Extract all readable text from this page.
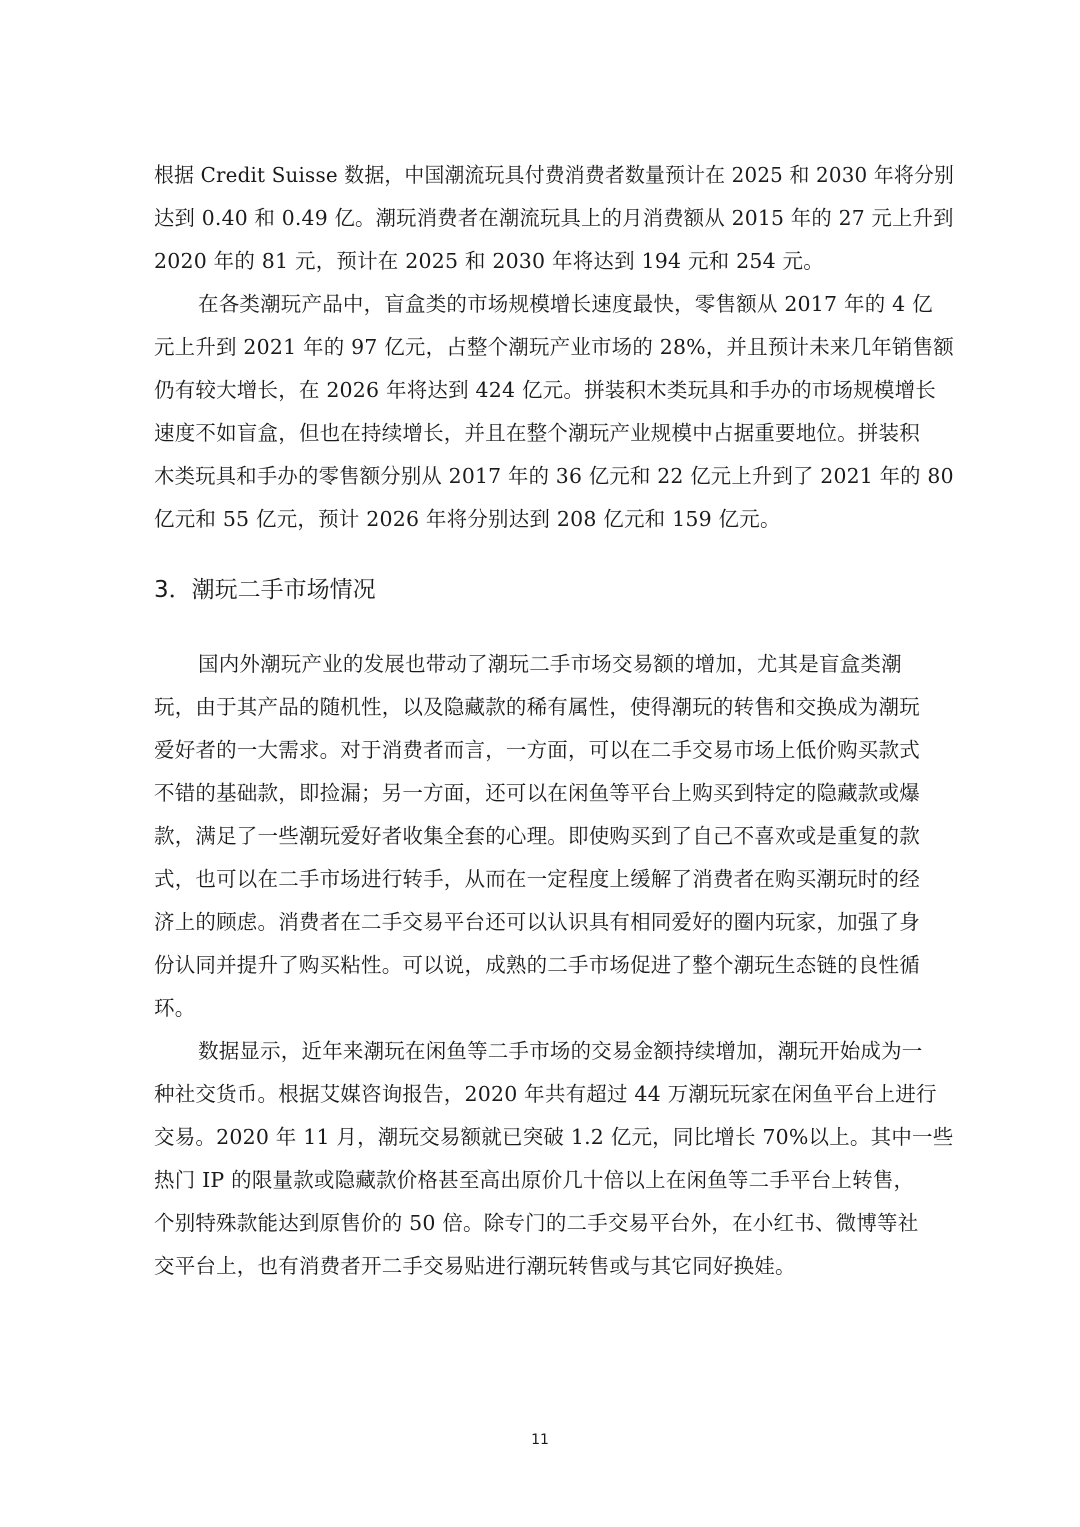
根据 Credit Suisse 数据，中国潮流玩具付费消费者数量预计在 2025 和 2030 年将分别
达到 0.40 和 0.49 亿。潮玩消费者在潮流玩具上的月消费额从 2015 年的 27 元上升到
2020 年的 81 元，预计在 2025 和 2030 年将达到 194 元和 254 元。
在各类潮玩产品中，盲盒类的市场规模增长速度最快，零售额从 2017 年的 4 亿
元上升到 2021 年的 97 亿元，占整个潮玩产业市场的 28%，并且预计未来几年销售额
仍有较大增长，在 2026 年将达到 424 亿元。拼装积木类玩具和手办的市场规模增长
速度不如盲盒，但也在持续增长，并且在整个潮玩产业规模中占据重要地位。拼装积
木类玩具和手办的零售额分别从 2017 年的 36 亿元和 22 亿元上升到了 2021 年的 80
亿元和 55 亿元，预计 2026 年将分别达到 208 亿元和 159 亿元。
3．潮玩二手市场情况
国内外潮玩产业的发展也带动了潮玩二手市场交易额的增加，尤其是盲盒类潮
玩，由于其产品的随机性，以及隐藏款的稀有属性，使得潮玩的转售和交换成为潮玩
爱好者的一大需求。对于消费者而言，一方面，可以在二手交易市场上低价购买款式
不错的基础款，即捡漏；另一方面，还可以在闲鱼等平台上购买到特定的隐藏款或爆
款，满足了一些潮玩爱好者收集全套的心理。即使购买到了自己不喜欢或是重复的款
式，也可以在二手市场进行转手，从而在一定程度上缓解了消费者在购买潮玩时的经
济上的顾虑。消费者在二手交易平台还可以认识具有相同爱好的圈内玩家，加强了身
份认同并提升了购买粘性。可以说，成熟的二手市场促进了整个潮玩生态链的良性循
环。
数据显示，近年来潮玩在闲鱼等二手市场的交易金额持续增加，潮玩开始成为一
种社交货币。根据艾媒咨询报告，2020 年共有超过 44 万潮玩玩家在闲鱼平台上进行
交易。2020 年 11 月，潮玩交易额就已突破 1.2 亿元，同比增长 70%以上。其中一些
热门 IP 的限量款或隐藏款价格甚至高出原价几十倍以上在闲鱼等二手平台上转售，
个别特殊款能达到原售价的 50 倍。除专门的二手交易平台外，在小红书、微博等社
交平台上，也有消费者开二手交易贴进行潮玩转售或与其它同好换娃。
11
